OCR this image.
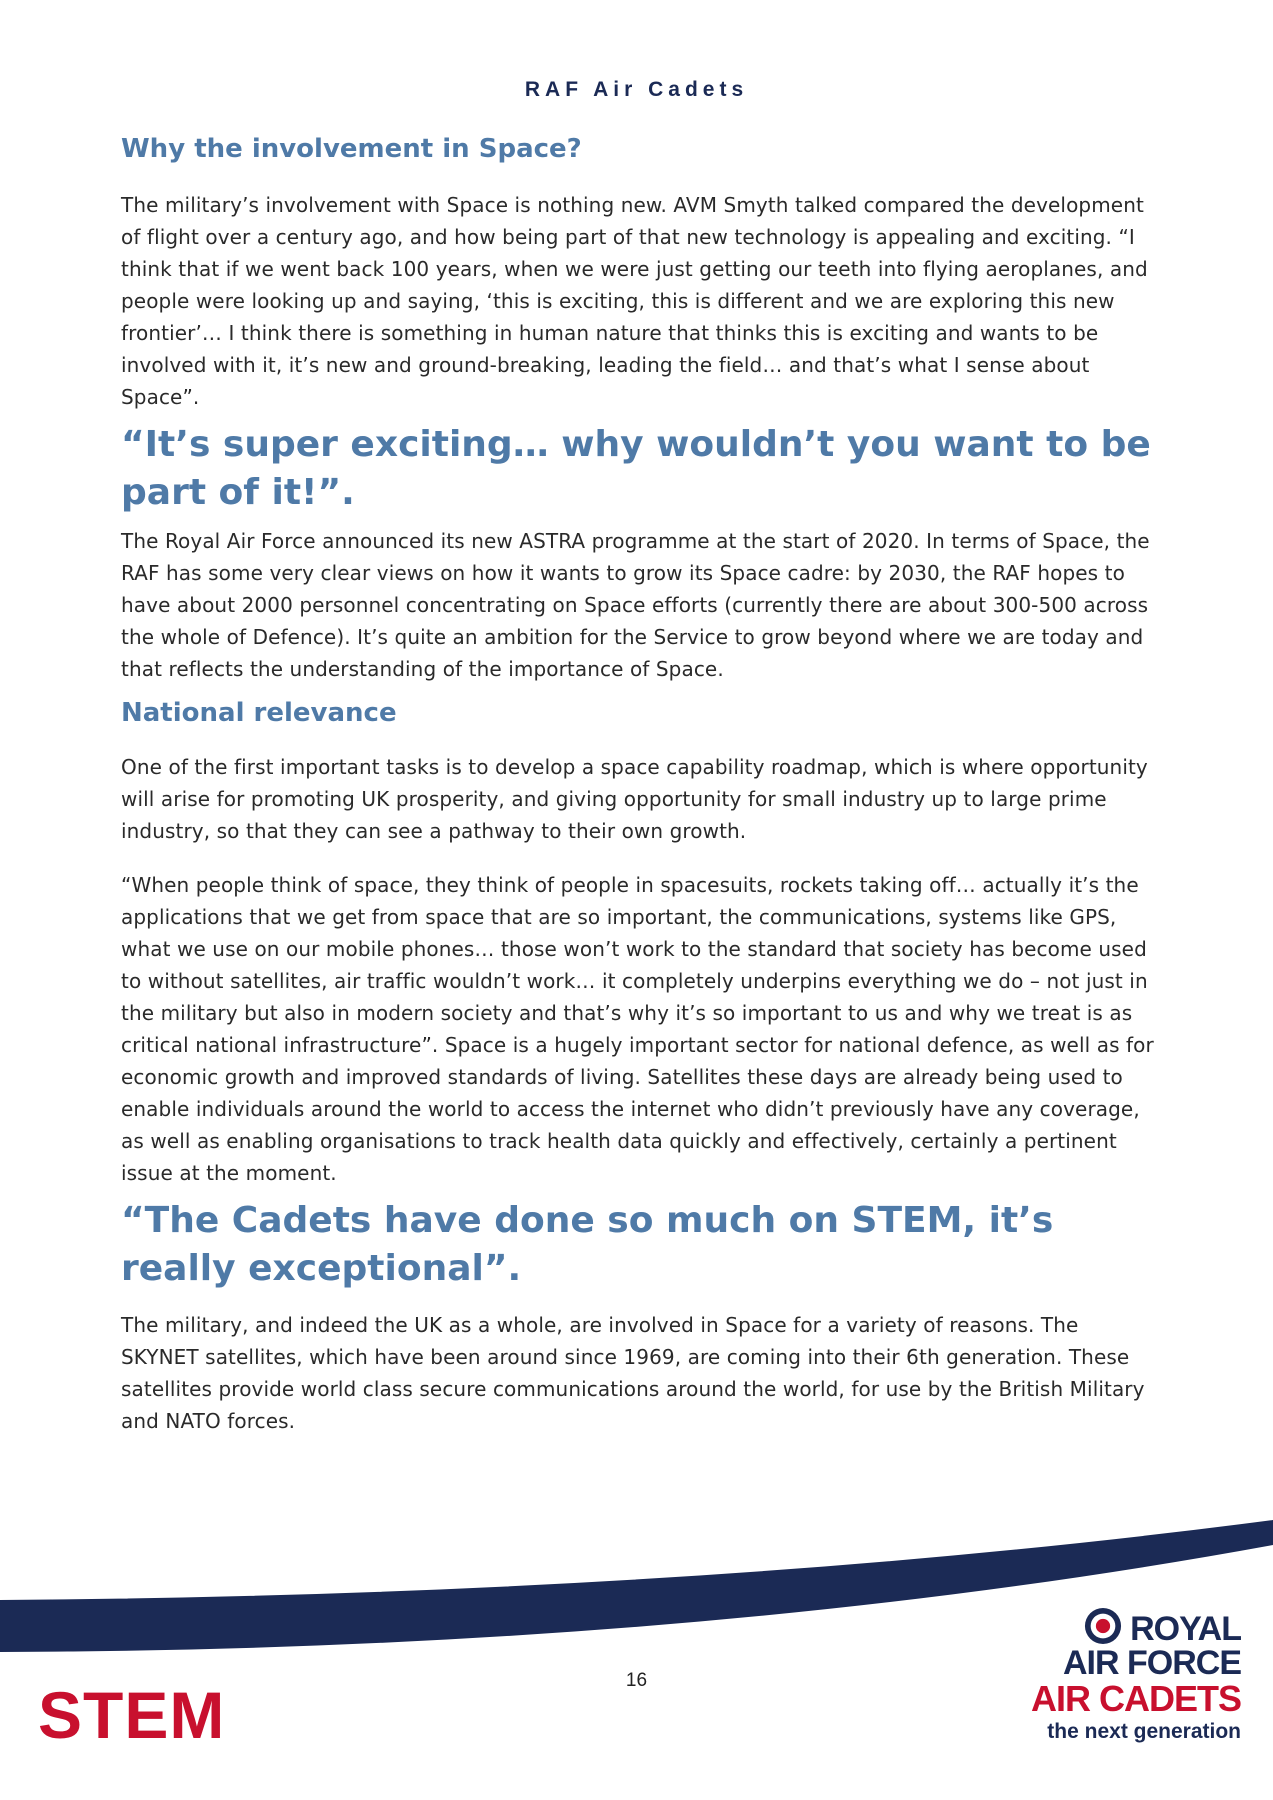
RAF Air Cadets
Why the involvement in Space?

The military’s involvement with Space is nothing new. AVM Smyth talked compared the development of flight over a century ago, and how being part of that new technology is appealing and exciting. “I think that if we went back 100 years, when we were just getting our teeth into flying aeroplanes, and people were looking up and saying, ‘this is exciting, this is different and we are exploring this new frontier’… I think there is something in human nature that thinks this is exciting and wants to be involved with it, it’s new and ground-breaking, leading the field… and that’s what I sense about Space”.

“It’s super exciting… why wouldn’t you want to be part of it!”.

The Royal Air Force announced its new ASTRA programme at the start of 2020. In terms of Space, the RAF has some very clear views on how it wants to grow its Space cadre: by 2030, the RAF hopes to have about 2000 personnel concentrating on Space efforts (currently there are about 300-500 across the whole of Defence). It’s quite an ambition for the Service to grow beyond where we are today and that reflects the understanding of the importance of Space.

National relevance

One of the first important tasks is to develop a space capability roadmap, which is where opportunity will arise for promoting UK prosperity, and giving opportunity for small industry up to large prime industry, so that they can see a pathway to their own growth.

“When people think of space, they think of people in spacesuits, rockets taking off… actually it’s the applications that we get from space that are so important, the communications, systems like GPS, what we use on our mobile phones… those won’t work to the standard that society has become used to without satellites, air traffic wouldn’t work… it completely underpins everything we do – not just in the military but also in modern society and that’s why it’s so important to us and why we treat is as critical national infrastructure”. Space is a hugely important sector for national defence, as well as for economic growth and improved standards of living. Satellites these days are already being used to enable individuals around the world to access the internet who didn’t previously have any coverage, as well as enabling organisations to track health data quickly and effectively, certainly a pertinent issue at the moment.

“The Cadets have done so much on STEM, it’s really exceptional”.

The military, and indeed the UK as a whole, are involved in Space for a variety of reasons. The SKYNET satellites, which have been around since 1969, are coming into their 6th generation. These satellites provide world class secure communications around the world, for use by the British Military and NATO forces.

16
STEM
ROYAL
AIR FORCE
AIR CADETS
the next generation
